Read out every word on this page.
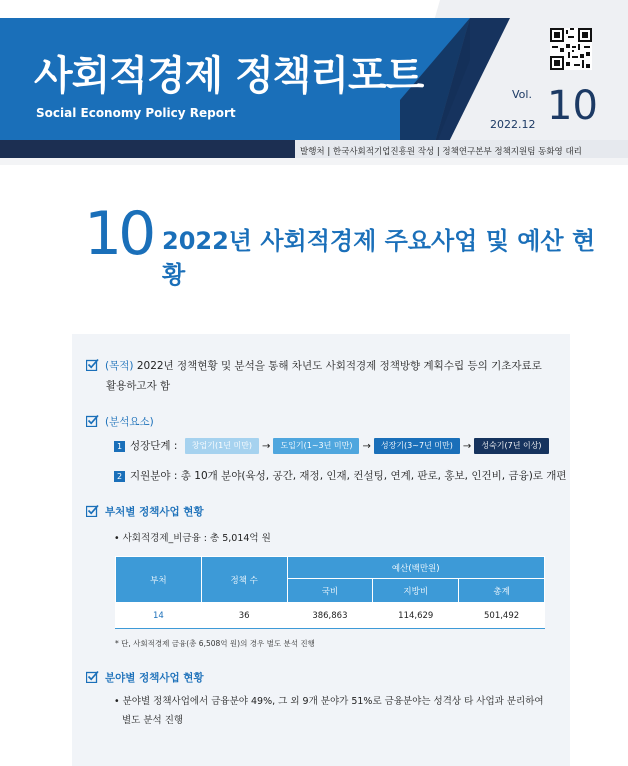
사회적경제 정책리포트
Social Economy Policy Report
Vol. 10
2022.12
발행처 | 한국사회적기업진흥원 작성 | 정책연구본부 정책지원팀 동화영 대리
10 2022년 사회적경제 주요사업 및 예산 현황
(목적) 2022년 정책현황 및 분석을 통해 차년도 사회적경제 정책방향 계획수립 등의 기초자료로
활용하고자 함
(분석요소)
1 성장단계 : 창업기(1년 미만) → 도입기(1~3년 미만) → 성장기(3~7년 미만) → 성숙기(7년 이상)
2 지원분야 : 총 10개 분야(육성, 공간, 재정, 인재, 컨설팅, 연계, 판로, 홍보, 인건비, 금융)로 개편
부처별 정책사업 현황
• 사회적경제_비금융 : 총 5,014억 원
부처	정책 수	예산(백만원)		
		국비	지방비	총계
14	36	386,863	114,629	501,492
* 단, 사회적경제 금융(총 6,508억 원)의 경우 별도 분석 진행
분야별 정책사업 현황
• 분야별 정책사업에서 금융분야 49%, 그 외 9개 분야가 51%로 금융분야는 성격상 타 사업과 분리하여
별도 분석 진행
